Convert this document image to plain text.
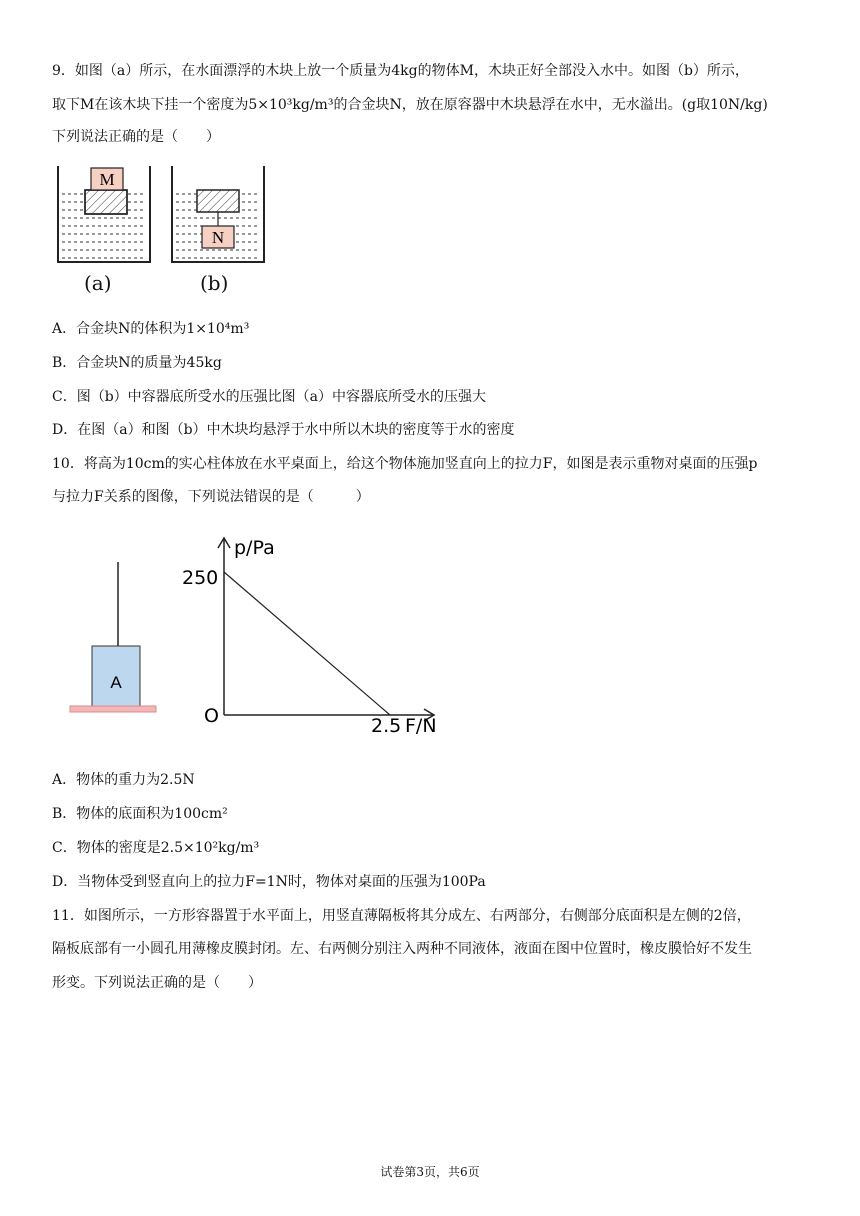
9．如图（a）所示，在水面漂浮的木块上放一个质量为4kg的物体M，木块正好全部没入水中。如图（b）所示，
取下M在该木块下挂一个密度为5×10³kg/m³的合金块N，放在原容器中木块悬浮在水中，无水溢出。(g取10N/kg)
下列说法正确的是（　　）
M
N
(a)	(b)
A．合金块N的体积为1×10⁴m³
B．合金块N的质量为45kg
C．图（b）中容器底所受水的压强比图（a）中容器底所受水的压强大
D．在图（a）和图（b）中木块均悬浮于水中所以木块的密度等于水的密度
10．将高为10cm的实心柱体放在水平桌面上，给这个物体施加竖直向上的拉力F，如图是表示重物对桌面的压强p
与拉力F关系的图像，下列说法错误的是（　　　）
A
p/Pa
250
O	2.5 F/N
A．物体的重力为2.5N
B．物体的底面积为100cm²
C．物体的密度是2.5×10²kg/m³
D．当物体受到竖直向上的拉力F=1N时，物体对桌面的压强为100Pa
11．如图所示，一方形容器置于水平面上，用竖直薄隔板将其分成左、右两部分，右侧部分底面积是左侧的2倍，
隔板底部有一小圆孔用薄橡皮膜封闭。左、右两侧分别注入两种不同液体，液面在图中位置时，橡皮膜恰好不发生
形变。下列说法正确的是（　　）
试卷第3页，共6页
